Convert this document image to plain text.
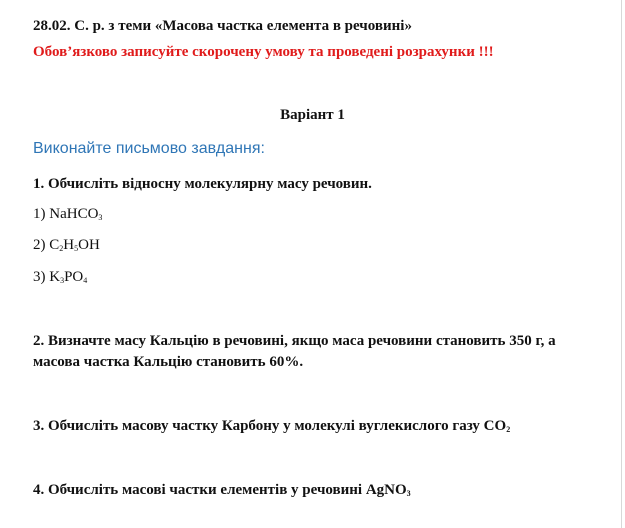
28.02. С. р. з теми «Масова частка елемента в речовині»
Обов’язково записуйте скорочену умову та проведені розрахунки !!!
Варіант 1
Виконайте письмово завдання:
1. Обчисліть відносну молекулярну масу речовин.
1) NaHCO$_3$
2) $C_2H_5OH$
3) $K_3PO_4$
2. Визначте масу Кальцію в речовині, якщо маса речовини становить 350 г, а
масова частка Кальцію становить 60%.
3. Обчисліть масову частку Карбону у молекулі вуглекислого газу $CO_2$
4. Обчисліть масові частки елементів у речовині AgNO$_3$
